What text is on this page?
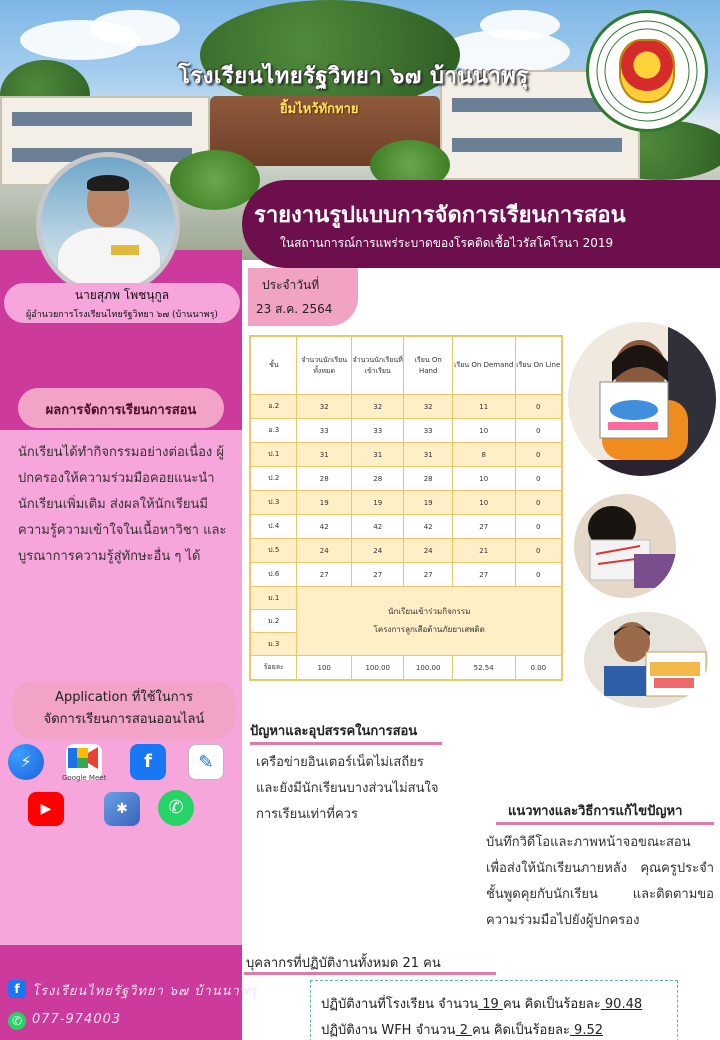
โรงเรียนไทยรัฐวิทยา ๖๗ บ้านนาพรุ
ยิ้มไหว้ทักทาย
นายสุภพ โพชนุกูล
ผู้อำนวยการโรงเรียนไทยรัฐวิทยา ๖๗ (บ้านนาพรุ)
ผลการจัดการเรียนการสอน
นักเรียนได้ทำกิจกรรมอย่างต่อเนื่อง ผู้ปกครองให้ความร่วมมือคอยแนะนำนักเรียนเพิ่มเติม ส่งผลให้นักเรียนมีความรู้ความเข้าใจในเนื้อหาวิชา และบูรณาการความรู้สู่ทักษะอื่น ๆ ได้
Application ที่ใช้ในการ
จัดการเรียนการสอนออนไลน์
⚡
Google Meet
f	✎
▶	✱	✆
f โรงเรียนไทยรัฐวิทยา ๖๗ บ้านนาพรุ
✆ 077-974003
รายงานรูปแบบการจัดการเรียนการสอน
ในสถานการณ์การแพร่ระบาดของโรคติดเชื้อไวรัสโคโรนา 2019
ประจำวันที่
23 ส.ค. 2564
ชั้น	จำนวนนักเรียนทั้งหมด	จำนวนนักเรียนที่เข้าเรียน	เรียน On Hand	เรียน On Demand	เรียน On Line
อ.2	32	32	32	11	0
อ.3	33	33	33	10	0
ป.1	31	31	31	8	0
ป.2	28	28	28	10	0
ป.3	19	19	19	10	0
ป.4	42	42	42	27	0
ป.5	24	24	24	21	0
ป.6	27	27	27	27	0
ม.1	นักเรียนเข้าร่วมกิจกรรม
โครงการลูกเสือต้านภัยยาเสพติด				

ม.2					
ม.3					
ร้อยละ	100	100.00	100.00	52.54	0.00
ปัญหาและอุปสรรคในการสอน
เครือข่ายอินเตอร์เน็ตไม่เสถียร และยังมีนักเรียนบางส่วนไม่สนใจการเรียนเท่าที่ควร	แนวทางและวิธีการแก้ไขปัญหา
บันทึกวิดีโอและภาพหน้าจอขณะสอน เพื่อส่งให้นักเรียนภายหลัง คุณครูประจำชั้นพูดคุยกับนักเรียน และติดตามขอความร่วมมือไปยังผู้ปกครอง
บุคลากรที่ปฏิบัติงานทั้งหมด 21 คน
ปฏิบัติงานที่โรงเรียน จำนวน 19 คน คิดเป็นร้อยละ 90.48
ปฏิบัติงาน WFH จำนวน 2 คน คิดเป็นร้อยละ 9.52
